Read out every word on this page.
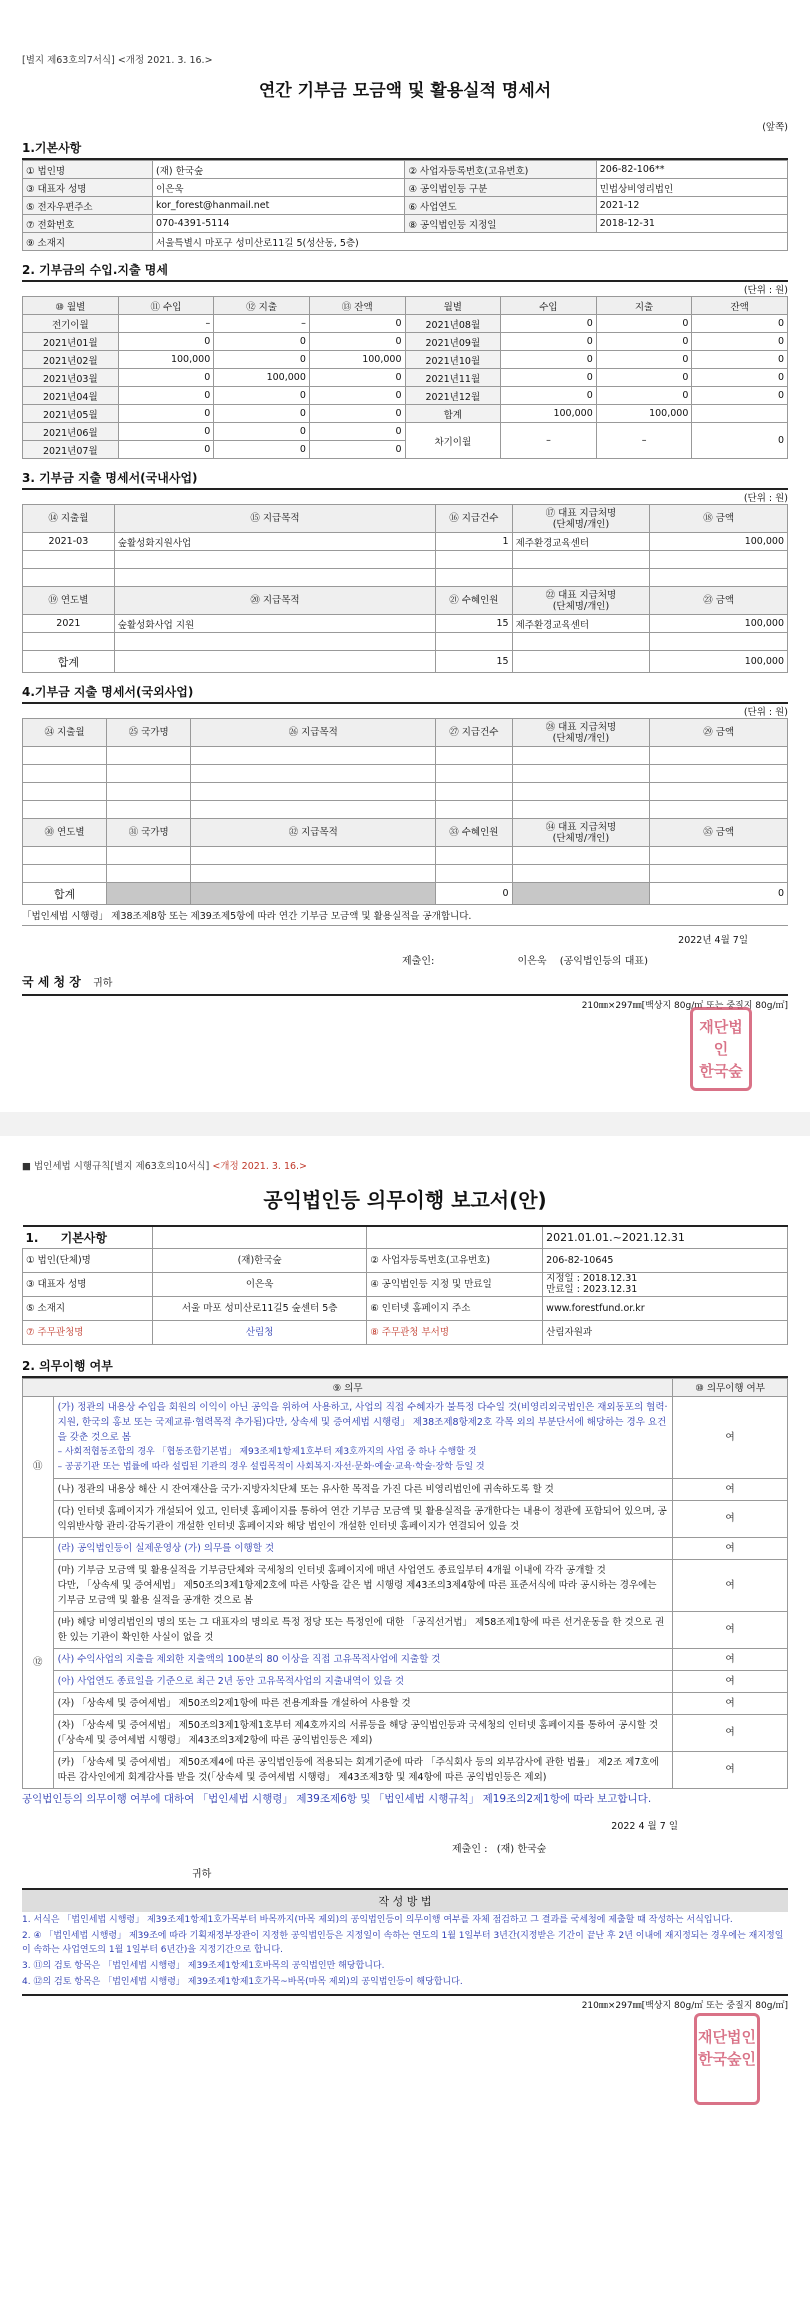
[별지 제63호의7서식] <개정 2021. 3. 16.>
연간 기부금 모금액 및 활용실적 명세서
(앞쪽)
1.기본사항
① 법인명	(재) 한국숲	② 사업자등록번호(고유번호)	206-82-106**
③ 대표자 성명	이은욱	④ 공익법인등 구분	민법상비영리법인
⑤ 전자우편주소	kor_forest@hanmail.net	⑥ 사업연도	2021-12
⑦ 전화번호	070-4391-5114	⑧ 공익법인등 지정일	2018-12-31
⑨ 소재지	서울특별시 마포구 성미산로11길 5(성산동, 5층)		
2. 기부금의 수입.지출 명세
(단위 : 원)
⑩ 월별	⑪ 수입	⑫ 지출	⑬ 잔액	월별	수입	지출	잔액
전기이월	–	–	0	2021년08월	0	0	0
2021년01월	0	0	0	2021년09월	0	0	0
2021년02월	100,000	0	100,000	2021년10월	0	0	0
2021년03월	0	100,000	0	2021년11월	0	0	0
2021년04월	0	0	0	2021년12월	0	0	0
2021년05월	0	0	0	합계	100,000	100,000	
2021년06월	0	0	0	차기이월	–	–	0
2021년07월	0	0	0				
3. 기부금 지출 명세서(국내사업)
(단위 : 원)
⑭ 지출월	⑮ 지급목적	⑯ 지급건수	⑰ 대표 지급처명
(단체명/개인)	⑱ 금액
2021-03	숲활성화지원사업	1	제주환경교육센터	100,000

⑲ 연도별	⑳ 지급목적	㉑ 수혜인원	㉒ 대표 지급처명
(단체명/개인)	㉓ 금액
2021	숲활성화사업 지원	15	제주환경교육센터	100,000

합계		15		100,000
4.기부금 지출 명세서(국외사업)
(단위 : 원)
㉔ 지출월	㉕ 국가명	㉖ 지급목적	㉗ 지급건수	㉘ 대표 지급처명
(단체명/개인)	㉙ 금액

㉚ 연도별	㉛ 국가명	㉜ 지급목적	㉝ 수혜인원	㉞ 대표 지급처명
(단체명/개인)	㉟ 금액

합계			0		0
「법인세법 시행령」 제38조제8항 또는 제39조제5항에 따라 연간 기부금 모금액 및 활용실적을 공개합니다.
2022년 4월 7일
제출인:	이은욱 (공익법인등의 대표)
국 세 청 장 귀하
210㎜×297㎜[백상지 80g/㎡ 또는 중질지 80g/㎡]
재단법인
한국숲
■ 법인세법 시행규칙[별지 제63호의10서식] <개정 2021. 3. 16.>
공익법인등 의무이행 보고서(안)
1. 기본사항			2021.01.01.~2021.12.31
① 법인(단체)명	(재)한국숲	② 사업자등록번호(고유번호)	206-82-10645
③ 대표자 성명	이은욱	④ 공익법인등 지정 및 만료일	지정일 : 2018.12.31
만료일 : 2023.12.31
⑤ 소재지	서울 마포 성미산로11길5 숲센터 5층	⑥ 인터넷 홈페이지 주소	www.forestfund.or.kr
⑦ 주무관청명	산림청	⑧ 주무관청 부서명	산림자원과
2. 의무이행 여부
⑨ 의무		⑩ 의무이행 여부
⑪	(가) 정관의 내용상 수입을 회원의 이익이 아닌 공익을 위하여 사용하고, 사업의 직접 수혜자가 불특정 다수일 것(비영리외국법인은 재외동포의 협력·지원, 한국의 홍보 또는 국제교류·협력목적 추가됨)다만, 상속세 및 증여세법 시행령」 제38조제8항제2호 각목 외의 부분단서에 해당하는 경우 요건을 갖춘 것으로 봄
– 사회적협동조합의 경우 「협동조합기본법」 제93조제1항제1호부터 제3호까지의 사업 중 하나 수행할 것
– 공공기관 또는 법률에 따라 설립된 기관의 경우 설립목적이 사회복지·자선·문화·예술·교육·학술·장학 등일 것	여
	(나) 정관의 내용상 해산 시 잔여재산을 국가·지방자치단체 또는 유사한 목적을 가진 다른 비영리법인에 귀속하도록 할 것	여
	(다) 인터넷 홈페이지가 개설되어 있고, 인터넷 홈페이지를 통하여 연간 기부금 모금액 및 활용실적을 공개한다는 내용이 정관에 포함되어 있으며, 공익위반사항 관리·감독기관이 개설한 인터넷 홈페이지와 해당 법인이 개설한 인터넷 홈페이지가 연결되어 있을 것	여
⑫	(라) 공익법인등이 실제운영상 (가) 의무를 이행할 것	여
	(마) 기부금 모금액 및 활용실적을 기부금단체와 국세청의 인터넷 홈페이지에 매년 사업연도 종료일부터 4개월 이내에 각각 공개할 것
다만, 「상속세 및 증여세법」 제50조의3제1항제2호에 따른 사항을 같은 법 시행령 제43조의3제4항에 따른 표준서식에 따라 공시하는 경우에는 기부금 모금액 및 활용 실적을 공개한 것으로 봄	여
	(바) 해당 비영리법인의 명의 또는 그 대표자의 명의로 특정 정당 또는 특정인에 대한 「공직선거법」 제58조제1항에 따른 선거운동을 한 것으로 권한 있는 기관이 확인한 사실이 없을 것	여
	(사) 수익사업의 지출을 제외한 지출액의 100분의 80 이상을 직접 고유목적사업에 지출할 것	여
	(아) 사업연도 종료일을 기준으로 최근 2년 동안 고유목적사업의 지출내역이 있을 것	여
	(자) 「상속세 및 증여세법」 제50조의2제1항에 따른 전용계좌를 개설하여 사용할 것	여
	(차) 「상속세 및 증여세법」 제50조의3제1항제1호부터 제4호까지의 서류등을 해당 공익법인등과 국세청의 인터넷 홈페이지를 통하여 공시할 것(「상속세 및 증여세법 시행령」 제43조의3제2항에 따른 공익법인등은 제외)	여
	(카) 「상속세 및 증여세법」 제50조제4에 따른 공익법인등에 적용되는 회계기준에 따라 「주식회사 등의 외부감사에 관한 법률」 제2조 제7호에 따른 감사인에게 회계감사를 받을 것(「상속세 및 증여세법 시행령」 제43조제3항 및 제4항에 따른 공익법인등은 제외)	여
공익법인등의 의무이행 여부에 대하여 「법인세법 시행령」 제39조제6항 및 「법인세법 시행규칙」 제19조의2제1항에 따라 보고합니다.
2022 4 월 7 일
제출인 : (재) 한국숲
귀하
작 성 방 법
1. 서식은 「법인세법 시행령」 제39조제1항제1호가목부터 바목까지(마목 제외)의 공익법인등이 의무이행 여부를 자체 점검하고 그 결과를 국세청에 제출할 때 작성하는 서식입니다.
2. ④ 「법인세법 시행령」 제39조에 따라 기획재정부장관이 지정한 공익법인등은 지정일이 속하는 연도의 1월 1일부터 3년간(지정받은 기간이 끝난 후 2년 이내에 재지정되는 경우에는 재지정일이 속하는 사업연도의 1월 1일부터 6년간)을 지정기간으로 합니다.
3. ⑪의 검토 항목은 「법인세법 시행령」 제39조제1항제1호바목의 공익법인만 해당합니다.
4. ⑫의 검토 항목은 「법인세법 시행령」 제39조제1항제1호가목~바목(마목 제외)의 공익법인등이 해당합니다.
210㎜×297㎜[백상지 80g/㎡ 또는 중질지 80g/㎡]
재단법인
한국숲인
